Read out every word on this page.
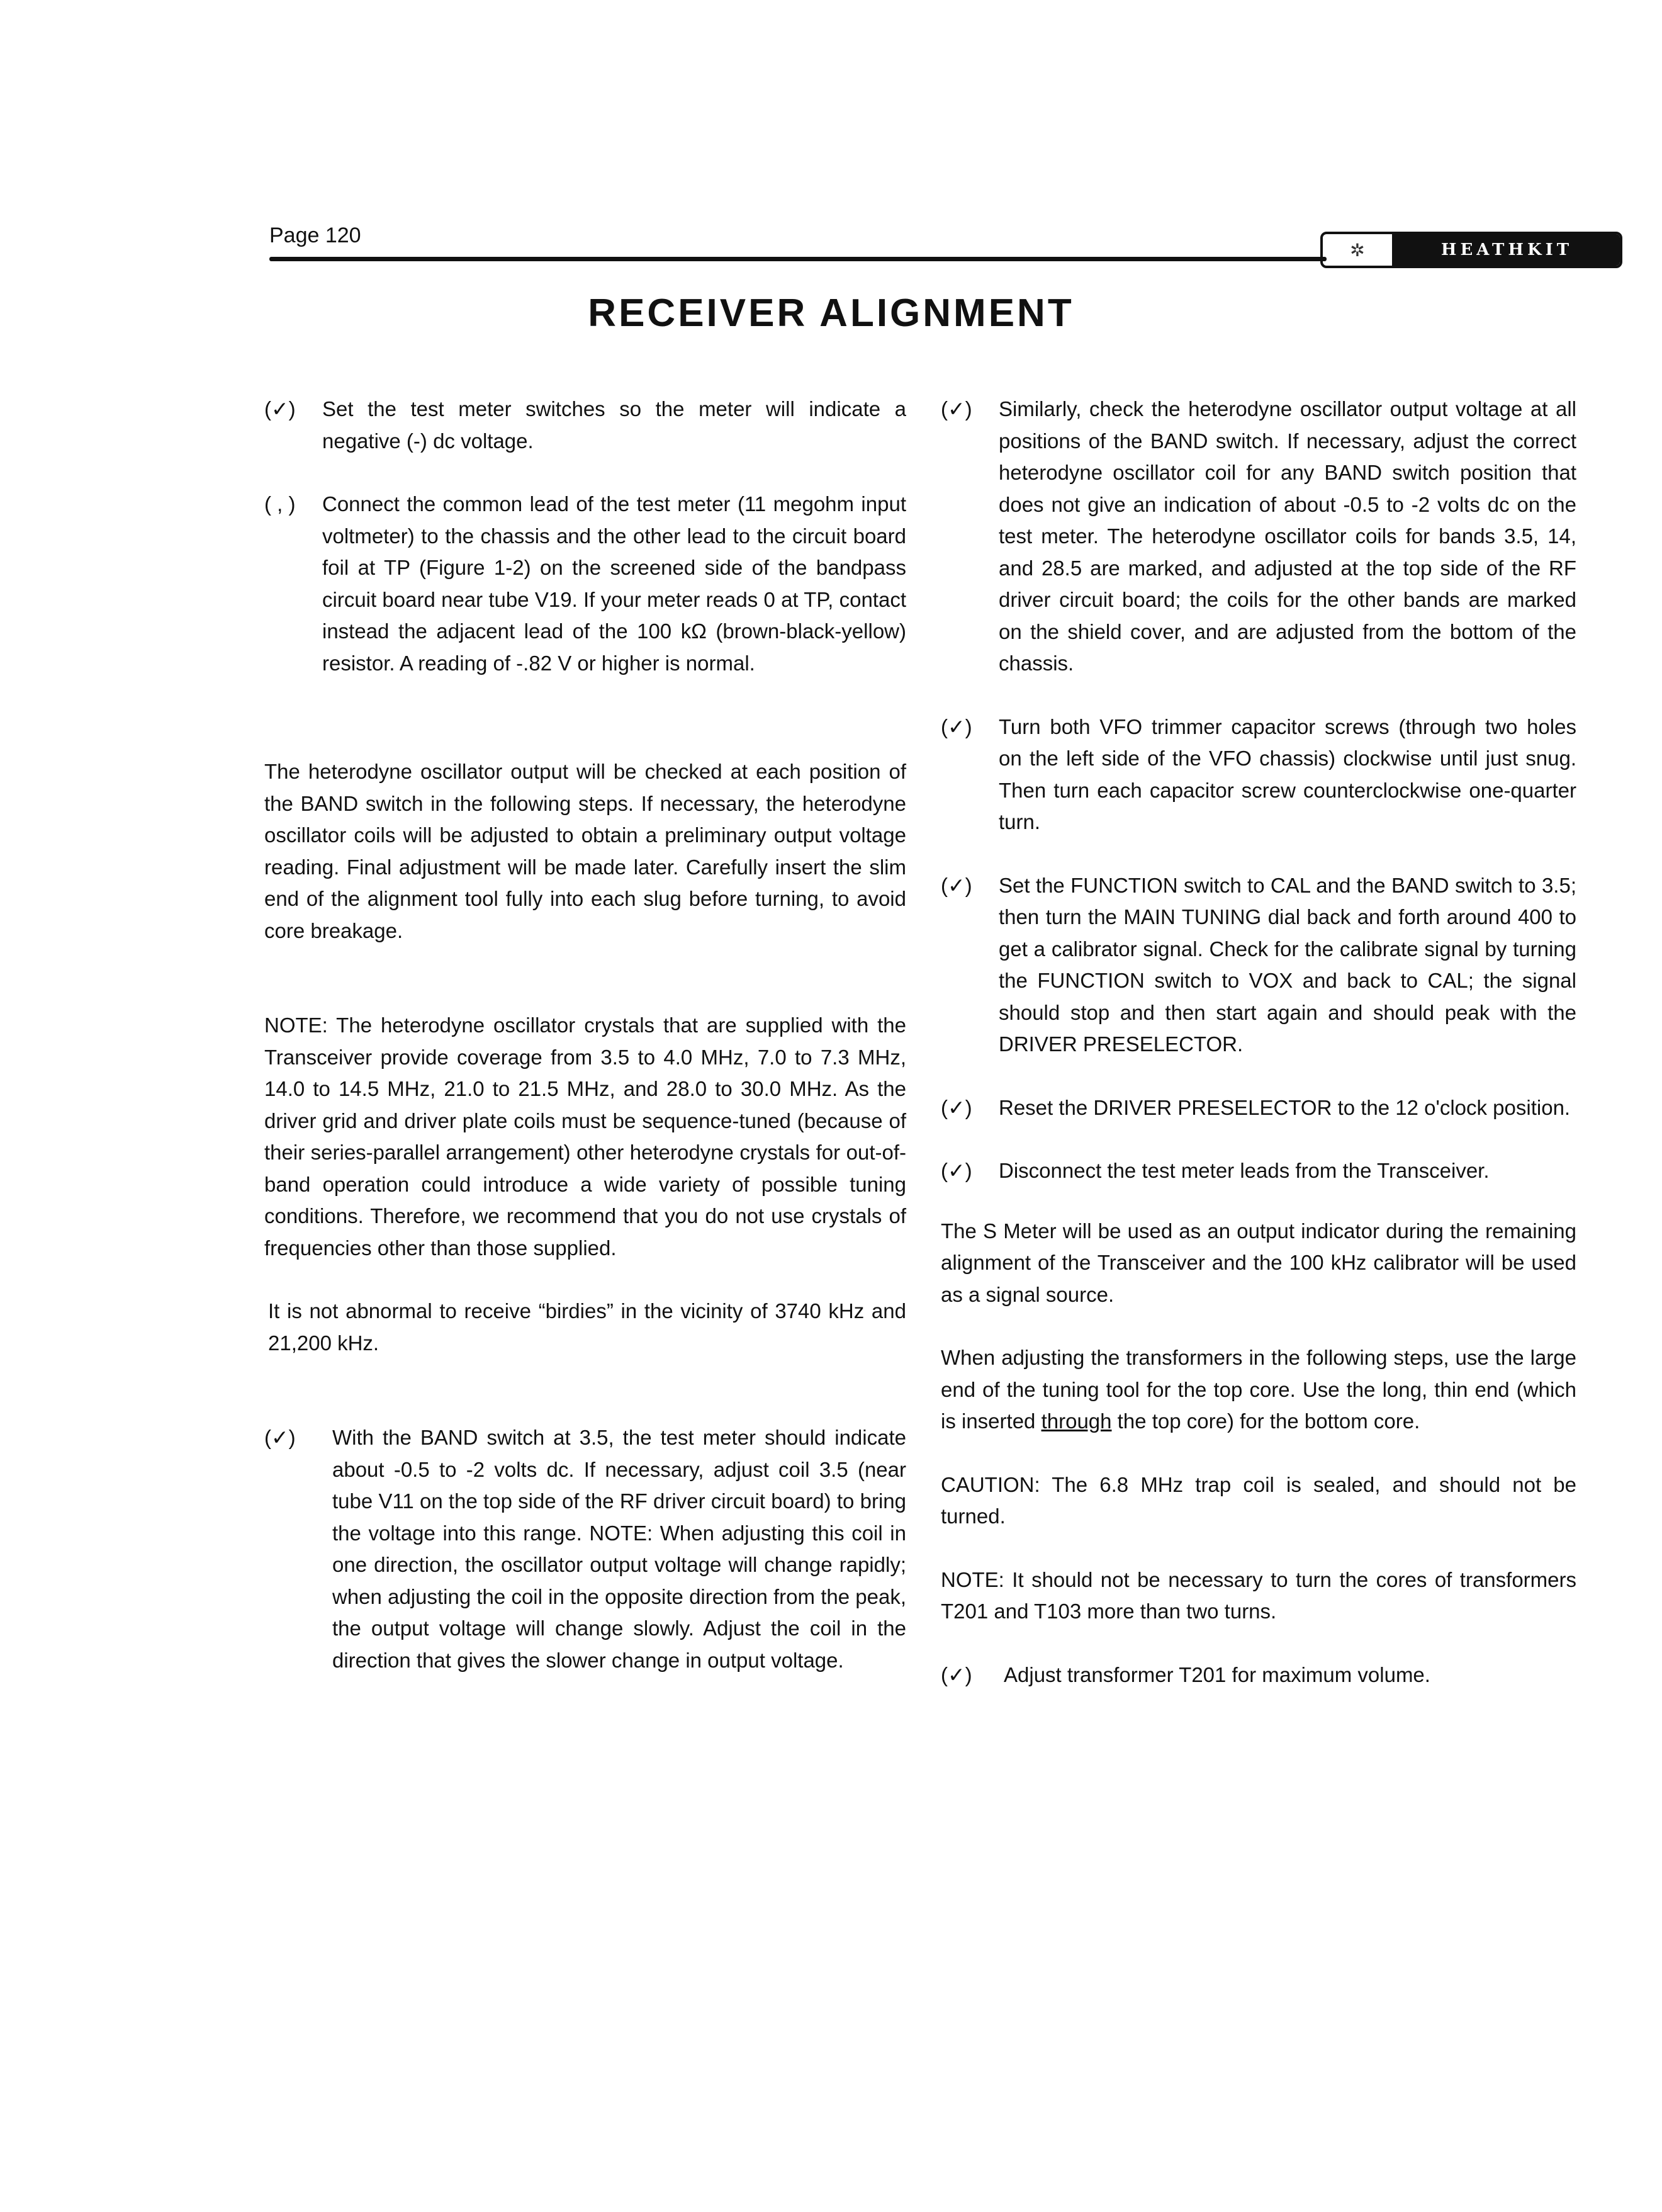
Page 120
✲	HEATHKIT
RECEIVER ALIGNMENT
(✓)	Set the test meter switches so the meter will indicate a negative (-) dc voltage.
( , )	Connect the common lead of the test meter (11 megohm input voltmeter) to the chassis and the other lead to the circuit board foil at TP (Figure 1-2) on the screened side of the bandpass circuit board near tube V19. If your meter reads 0 at TP, contact instead the adjacent lead of the 100 kΩ (brown-black-yellow) resistor. A reading of -.82 V or higher is normal.

The heterodyne oscillator output will be checked at each position of the BAND switch in the following steps. If necessary, the heterodyne oscillator coils will be adjusted to obtain a preliminary output voltage reading. Final adjustment will be made later. Carefully insert the slim end of the alignment tool fully into each slug before turning, to avoid core breakage.

NOTE: The heterodyne oscillator crystals that are supplied with the Transceiver provide coverage from 3.5 to 4.0 MHz, 7.0 to 7.3 MHz, 14.0 to 14.5 MHz, 21.0 to 21.5 MHz, and 28.0 to 30.0 MHz. As the driver grid and driver plate coils must be sequence-tuned (because of their series-parallel arrangement) other heterodyne crystals for out-of-band operation could introduce a wide variety of possible tuning conditions. Therefore, we recommend that you do not use crystals of frequencies other than those supplied.

It is not abnormal to receive “birdies” in the vicinity of 3740 kHz and 21,200 kHz.

(✓)	With the BAND switch at 3.5, the test meter should indicate about -0.5 to -2 volts dc. If necessary, adjust coil 3.5 (near tube V11 on the top side of the RF driver circuit board) to bring the voltage into this range. NOTE: When adjusting this coil in one direction, the oscillator output voltage will change rapidly; when adjusting the coil in the opposite direction from the peak, the output voltage will change slowly. Adjust the coil in the direction that gives the slower change in output voltage.
(✓)	Similarly, check the heterodyne oscillator output voltage at all positions of the BAND switch. If necessary, adjust the correct heterodyne oscillator coil for any BAND switch position that does not give an indication of about -0.5 to -2 volts dc on the test meter. The heterodyne oscillator coils for bands 3.5, 14, and 28.5 are marked, and adjusted at the top side of the RF driver circuit board; the coils for the other bands are marked on the shield cover, and are adjusted from the bottom of the chassis.
(✓)	Turn both VFO trimmer capacitor screws (through two holes on the left side of the VFO chassis) clockwise until just snug. Then turn each capacitor screw counterclockwise one-quarter turn.
(✓)	Set the FUNCTION switch to CAL and the BAND switch to 3.5; then turn the MAIN TUNING dial back and forth around 400 to get a calibrator signal. Check for the calibrate signal by turning the FUNCTION switch to VOX and back to CAL; the signal should stop and then start again and should peak with the DRIVER PRESELECTOR.
(✓)	Reset the DRIVER PRESELECTOR to the 12 o'clock position.
(✓)	Disconnect the test meter leads from the Transceiver.

The S Meter will be used as an output indicator during the remaining alignment of the Transceiver and the 100 kHz calibrator will be used as a signal source.

When adjusting the transformers in the following steps, use the large end of the tuning tool for the top core. Use the long, thin end (which is inserted through the top core) for the bottom core.

CAUTION: The 6.8 MHz trap coil is sealed, and should not be turned.

NOTE: It should not be necessary to turn the cores of transformers T201 and T103 more than two turns.

(✓)	Adjust transformer T201 for maximum volume.
